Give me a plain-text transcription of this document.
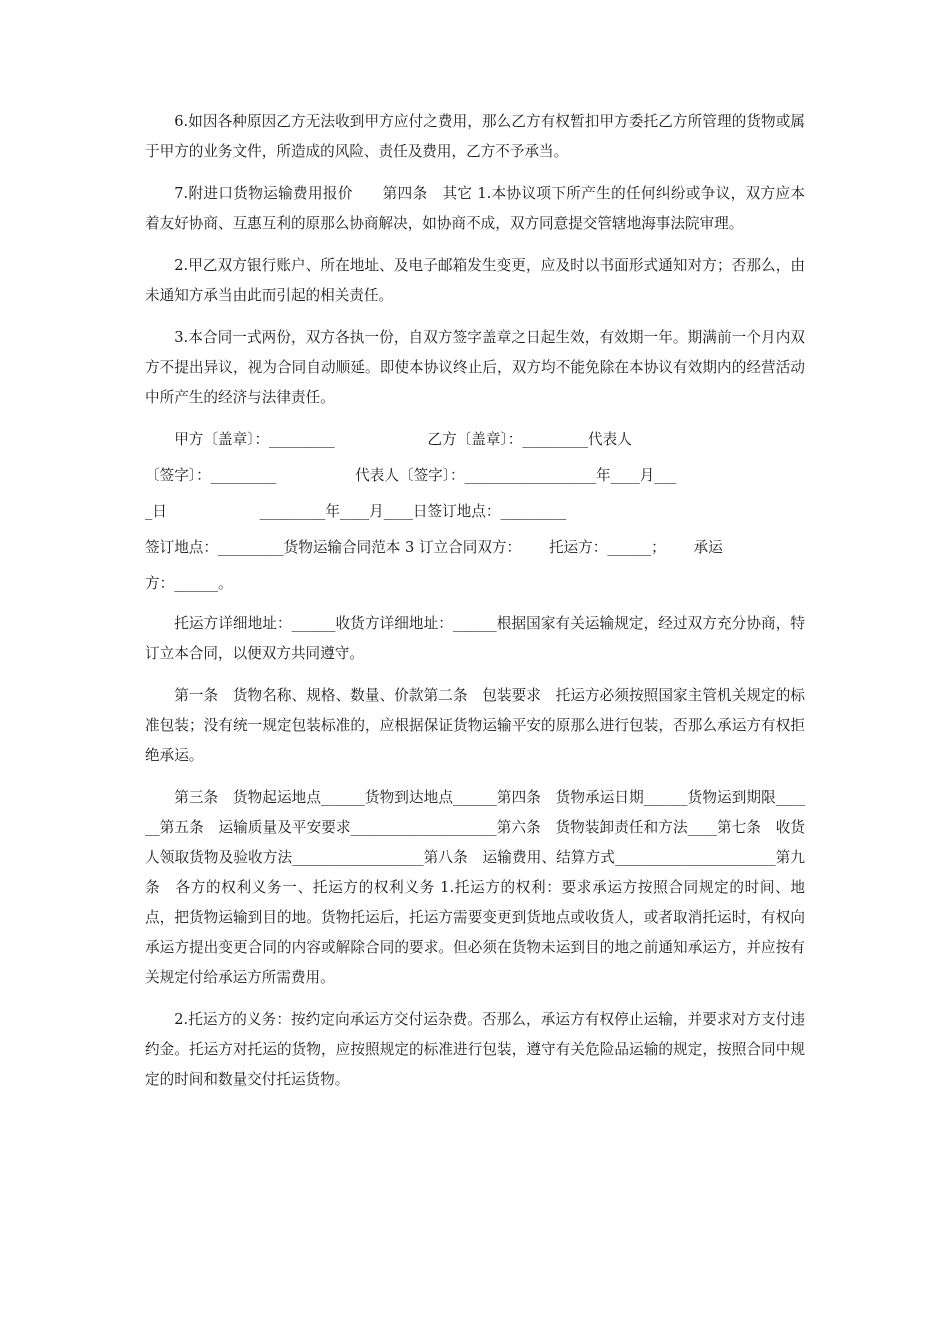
6.如因各种原因乙方无法收到甲方应付之费用，那么乙方有权暂扣甲方委托乙方所管理的货物或属于甲方的业务文件，所造成的风险、责任及费用，乙方不予承当。

7.附进口货物运输费用报价　　第四条　其它 1.本协议项下所产生的任何纠纷或争议，双方应本着友好协商、互惠互利的原那么协商解决，如协商不成，双方同意提交管辖地海事法院审理。

2.甲乙双方银行账户、所在地址、及电子邮箱发生变更，应及时以书面形式通知对方；否那么，由未通知方承当由此而引起的相关责任。

3.本合同一式两份，双方各执一份，自双方签字盖章之日起生效，有效期一年。期满前一个月内双方不提出异议，视为合同自动顺延。即使本协议终止后，双方均不能免除在本协议有效期内的经营活动中所产生的经济与法律责任。

甲方〔盖章〕：_________                    乙方〔盖章〕：_________代表人
〔签字〕：_________                 代表人〔签字〕：__________________年____月___
_日                    _________年____月____日签订地点：_________
签订地点：_________货物运输合同范本 3 订立合同双方：      托运方：______；      承运
方：______。

托运方详细地址：______收货方详细地址：______根据国家有关运输规定，经过双方充分协商，特订立本合同，以便双方共同遵守。

第一条　货物名称、规格、数量、价款第二条　包装要求　托运方必须按照国家主管机关规定的标准包装；没有统一规定包装标准的，应根据保证货物运输平安的原那么进行包装，否那么承运方有权拒绝承运。

第三条　货物起运地点______货物到达地点______第四条　货物承运日期______货物运到期限______第五条　运输质量及平安要求____________________第六条　货物装卸责任和方法____第七条　收货人领取货物及验收方法__________________第八条　运输费用、结算方式______________________第九条　各方的权利义务一、托运方的权利义务 1.托运方的权利：要求承运方按照合同规定的时间、地点，把货物运输到目的地。货物托运后，托运方需要变更到货地点或收货人，或者取消托运时，有权向承运方提出变更合同的内容或解除合同的要求。但必须在货物未运到目的地之前通知承运方，并应按有关规定付给承运方所需费用。

2.托运方的义务：按约定向承运方交付运杂费。否那么，承运方有权停止运输，并要求对方支付违约金。托运方对托运的货物，应按照规定的标准进行包装，遵守有关危险品运输的规定，按照合同中规定的时间和数量交付托运货物。
